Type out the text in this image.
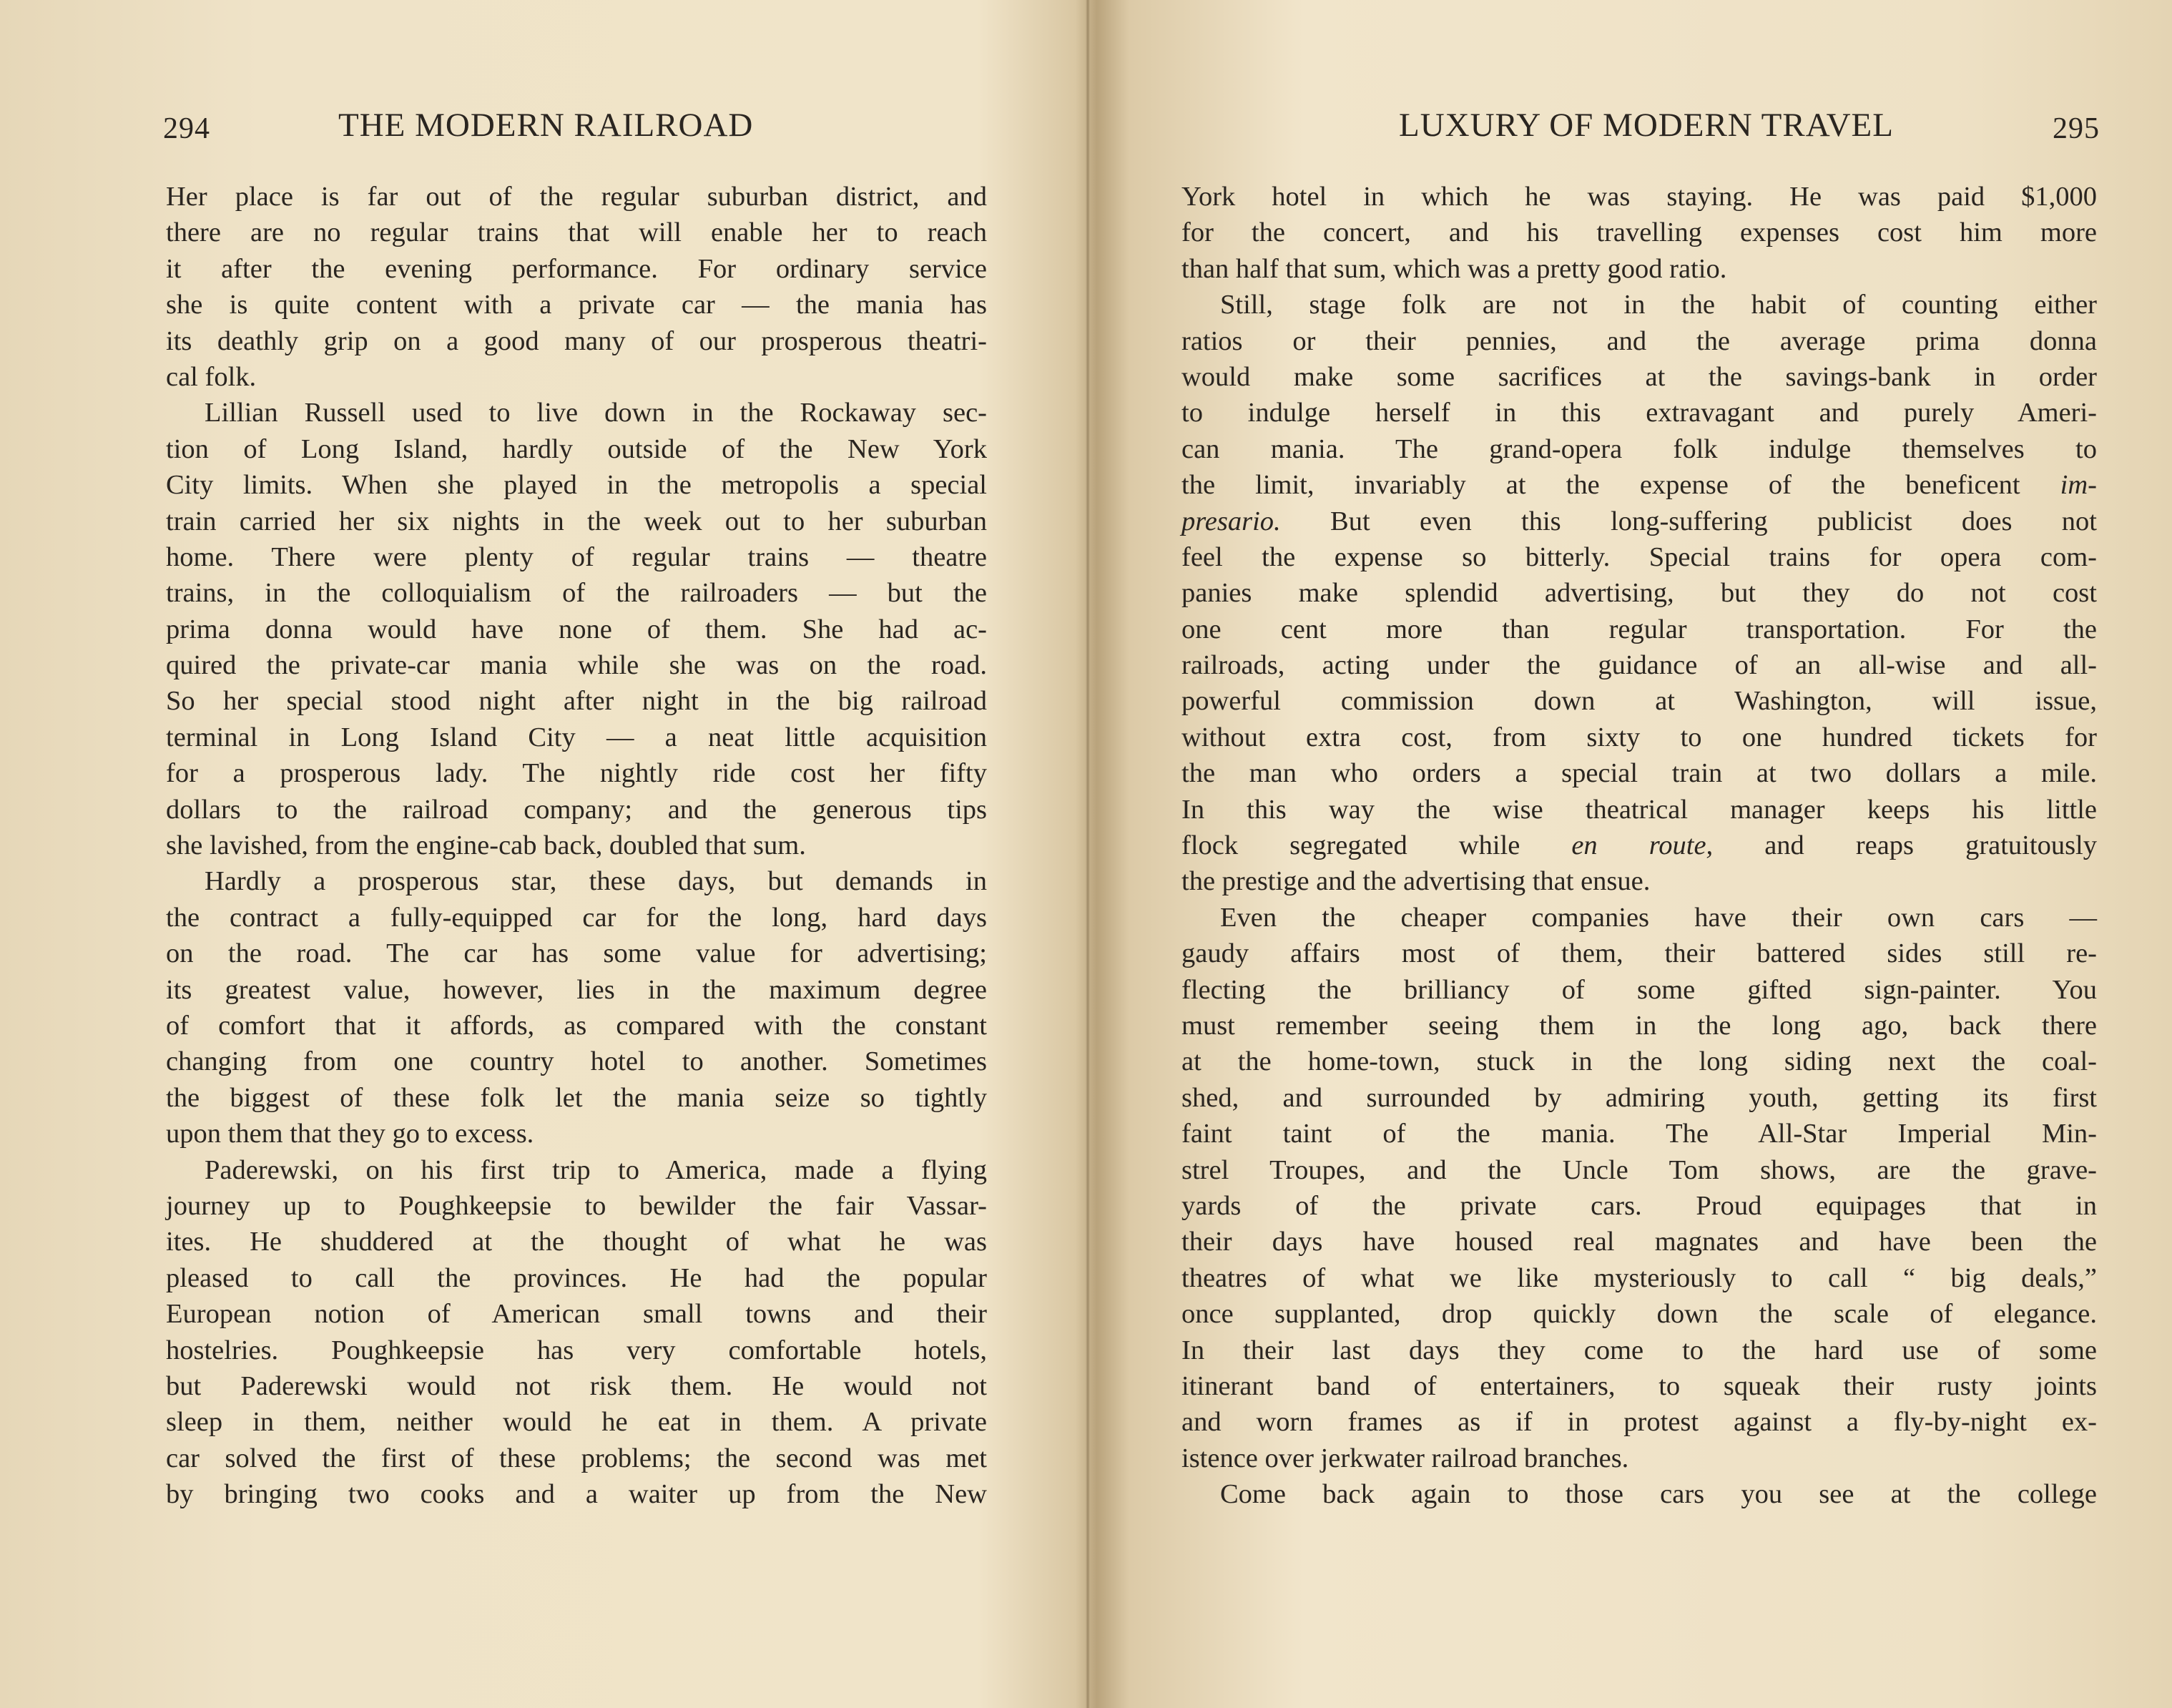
294	THE MODERN RAILROAD
Her place is far out of the regular suburban district, and
there are no regular trains that will enable her to reach
it after the evening performance. For ordinary service
she is quite content with a private car — the mania has
its deathly grip on a good many of our prosperous theatri-
cal folk.
Lillian Russell used to live down in the Rockaway sec-
tion of Long Island, hardly outside of the New York
City limits. When she played in the metropolis a special
train carried her six nights in the week out to her suburban
home. There were plenty of regular trains — theatre
trains, in the colloquialism of the railroaders — but the
prima donna would have none of them. She had ac-
quired the private-car mania while she was on the road.
So her special stood night after night in the big railroad
terminal in Long Island City — a neat little acquisition
for a prosperous lady. The nightly ride cost her fifty
dollars to the railroad company; and the generous tips
she lavished, from the engine-cab back, doubled that sum.
Hardly a prosperous star, these days, but demands in
the contract a fully-equipped car for the long, hard days
on the road. The car has some value for advertising;
its greatest value, however, lies in the maximum degree
of comfort that it affords, as compared with the constant
changing from one country hotel to another. Sometimes
the biggest of these folk let the mania seize so tightly
upon them that they go to excess.
Paderewski, on his first trip to America, made a flying
journey up to Poughkeepsie to bewilder the fair Vassar-
ites. He shuddered at the thought of what he was
pleased to call the provinces. He had the popular
European notion of American small towns and their
hostelries. Poughkeepsie has very comfortable hotels,
but Paderewski would not risk them. He would not
sleep in them, neither would he eat in them. A private
car solved the first of these problems; the second was met
by bringing two cooks and a waiter up from the New
LUXURY OF MODERN TRAVEL	295
York hotel in which he was staying. He was paid $1,000
for the concert, and his travelling expenses cost him more
than half that sum, which was a pretty good ratio.
Still, stage folk are not in the habit of counting either
ratios or their pennies, and the average prima donna
would make some sacrifices at the savings-bank in order
to indulge herself in this extravagant and purely Ameri-
can mania. The grand-opera folk indulge themselves to
the limit, invariably at the expense of the beneficent im-
presario. But even this long-suffering publicist does not
feel the expense so bitterly. Special trains for opera com-
panies make splendid advertising, but they do not cost
one cent more than regular transportation. For the
railroads, acting under the guidance of an all-wise and all-
powerful commission down at Washington, will issue,
without extra cost, from sixty to one hundred tickets for
the man who orders a special train at two dollars a mile.
In this way the wise theatrical manager keeps his little
flock segregated while en route, and reaps gratuitously
the prestige and the advertising that ensue.
Even the cheaper companies have their own cars —
gaudy affairs most of them, their battered sides still re-
flecting the brilliancy of some gifted sign-painter. You
must remember seeing them in the long ago, back there
at the home-town, stuck in the long siding next the coal-
shed, and surrounded by admiring youth, getting its first
faint taint of the mania. The All-Star Imperial Min-
strel Troupes, and the Uncle Tom shows, are the grave-
yards of the private cars. Proud equipages that in
their days have housed real magnates and have been the
theatres of what we like mysteriously to call “ big deals,”
once supplanted, drop quickly down the scale of elegance.
In their last days they come to the hard use of some
itinerant band of entertainers, to squeak their rusty joints
and worn frames as if in protest against a fly-by-night ex-
istence over jerkwater railroad branches.
Come back again to those cars you see at the college
